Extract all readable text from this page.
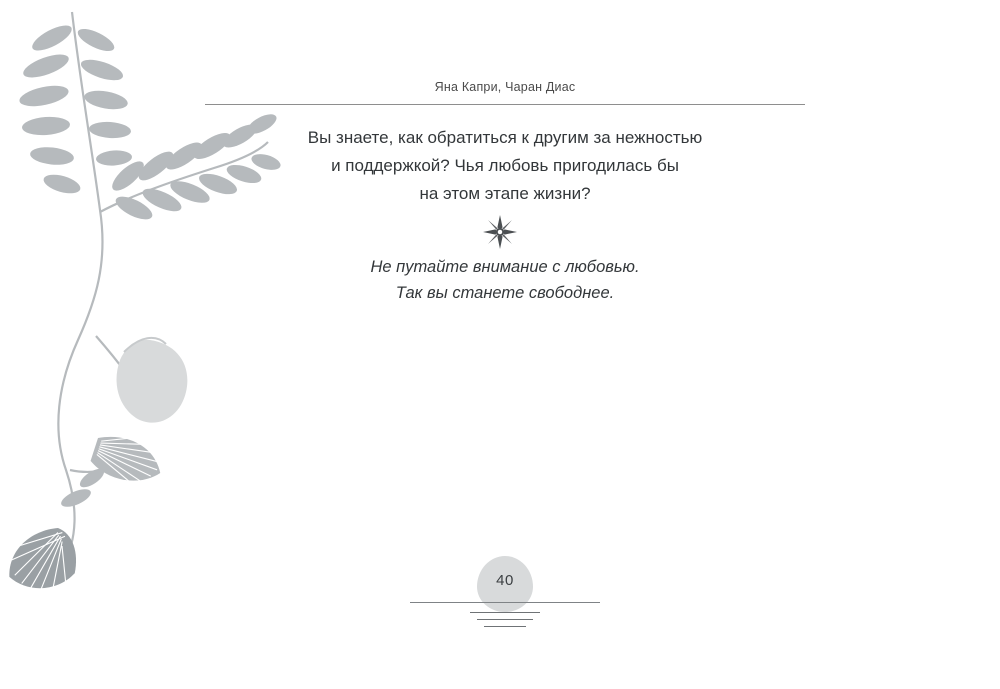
Яна Капри, Чаран Диас
Вы знаете, как обратиться к другим за нежностью
и поддержкой? Чья любовь пригодилась бы
на этом этапе жизни?
Не путайте внимание с любовью.
Так вы станете свободнее.
40
